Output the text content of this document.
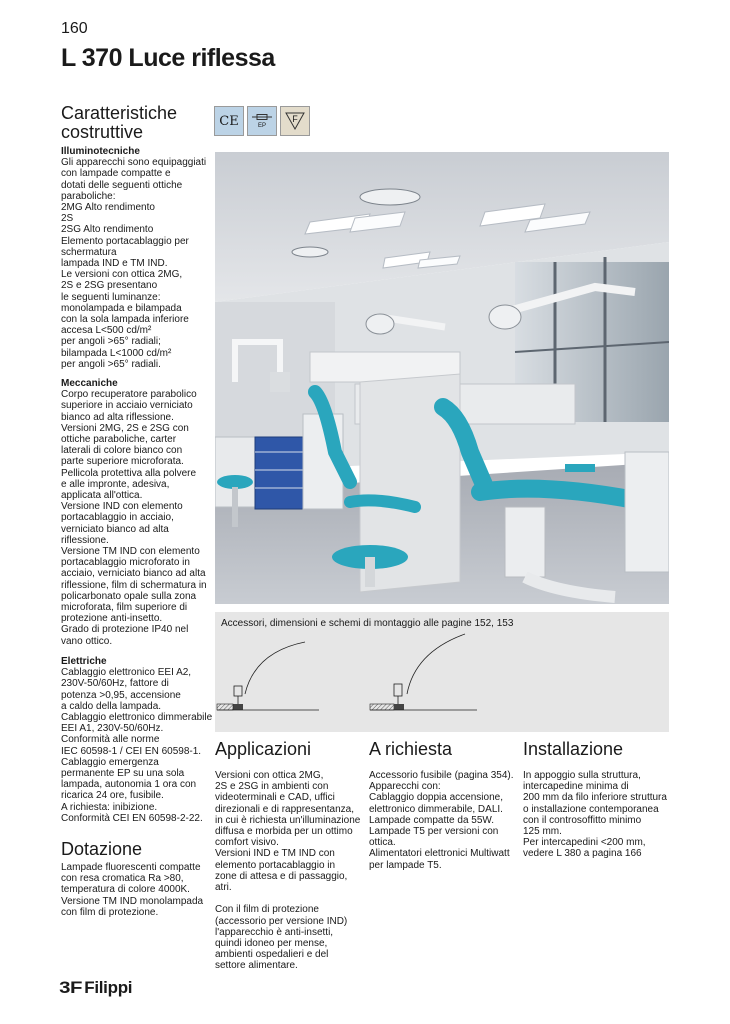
160
L 370 Luce riflessa
Caratteristiche
costruttive
Illuminotecniche
Gli apparecchi sono equipaggiati
con lampade compatte e
dotati delle seguenti ottiche
paraboliche:
2MG Alto rendimento
2S
2SG Alto rendimento
Elemento portacablaggio per
schermatura
lampada IND e TM IND.
Le versioni con ottica 2MG,
2S e 2SG presentano
le seguenti luminanze:
monolampada e bilampada
con la sola lampada inferiore
accesa L<500 cd/m²
per angoli >65° radiali;
bilampada L<1000 cd/m²
per angoli >65° radiali.
Meccaniche
Corpo recuperatore parabolico
superiore in acciaio verniciato
bianco ad alta riflessione.
Versioni 2MG, 2S e 2SG con
ottiche paraboliche, carter
laterali di colore bianco con
parte superiore microforata.
Pellicola protettiva alla polvere
e alle impronte, adesiva,
applicata all'ottica.
Versione IND con elemento
portacablaggio in acciaio,
verniciato bianco ad alta
riflessione.
Versione TM IND con elemento
portacablaggio microforato in
acciaio, verniciato bianco ad alta
riflessione, film di schermatura in
policarbonato opale sulla zona
microforata, film superiore di
protezione anti-insetto.
Grado di protezione IP40 nel
vano ottico.
Elettriche
Cablaggio elettronico EEI A2,
230V-50/60Hz, fattore di
potenza >0,95, accensione
a caldo della lampada.
Cablaggio elettronico dimmerabile
EEI A1, 230V-50/60Hz.
Conformità alle norme
IEC 60598-1 / CEI EN 60598-1.
Cablaggio emergenza
permanente EP su una sola
lampada, autonomia 1 ora con
ricarica 24 ore, fusibile.
A richiesta: inibizione.
Conformità CEI EN 60598-2-22.
Dotazione
Lampade fluorescenti compatte
con resa cromatica Ra >80,
temperatura di colore 4000K.
Versione TM IND monolampada
con film di protezione.
CE	EP
F
Accessori, dimensioni e schemi di montaggio alle pagine 152, 153
Applicazioni
Versioni con ottica 2MG,
2S e 2SG in ambienti con
videoterminali e CAD, uffici
direzionali e di rappresentanza,
in cui è richiesta un'illuminazione
diffusa e morbida per un ottimo
comfort visivo.
Versioni IND e TM IND con
elemento portacablaggio in
zone di attesa e di passaggio,
atri.

Con il film di protezione
(accessorio per versione IND)
l'apparecchio è anti-insetti,
quindi idoneo per mense,
ambienti ospedalieri e del
settore alimentare.
A richiesta
Accessorio fusibile (pagina 354).
Apparecchi con:
Cablaggio doppia accensione,
elettronico dimmerabile, DALI.
Lampade compatte da 55W.
Lampade T5 per versioni con
ottica.
Alimentatori elettronici Multiwatt
per lampade T5.
Installazione
In appoggio sulla struttura,
intercapedine minima di
200 mm da filo inferiore struttura
o installazione contemporanea
con il controsoffitto minimo
125 mm.
Per intercapedini <200 mm,
vedere L 380 a pagina 166
3F Filippi
